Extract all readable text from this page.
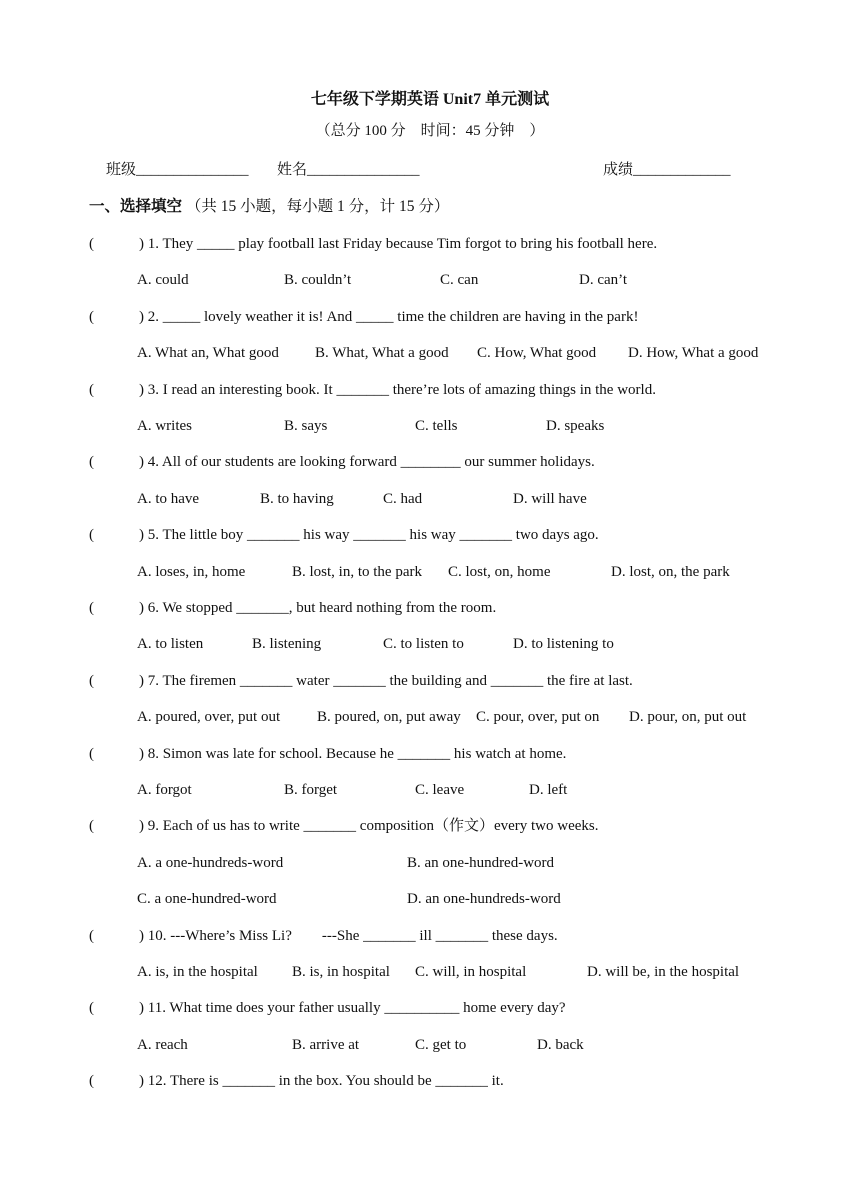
七年级下学期英语 Unit7 单元测试
（总分 100 分　时间：45 分钟　）
班级_______________ 姓名_______________	成绩_____________
一、选择填空 （共 15 小题，每小题 1 分，计 15 分）
(	) 1. They _____ play football last Friday because Tim forgot to bring his football here.
A. could	B. couldn’t	C. can	D. can’t
(	) 2. _____ lovely weather it is! And _____ time the children are having in the park!
A. What an, What good B. What, What a good C. How, What good D. How, What a good
(	) 3. I read an interesting book. It _______ there’re lots of amazing things in the world.
A. writes	B. says	C. tells	D. speaks
(	) 4. All of our students are looking forward ________ our summer holidays.
A. to have	B. to having	C. had	D. will have
(	) 5. The little boy _______ his way _______ his way _______ two days ago.
A. loses, in, home	B. lost, in, to the park C. lost, on, home	D. lost, on, the park
(	) 6. We stopped _______, but heard nothing from the room.
A. to listen	B. listening	C. to listen to	D. to listening to
(	) 7. The firemen _______ water _______ the building and _______ the fire at last.
A. poured, over, put out B. poured, on, put away C. pour, over, put on D. pour, on, put out
(	) 8. Simon was late for school. Because he _______ his watch at home.
A. forgot	B. forget	C. leave	D. left
(	) 9. Each of us has to write _______ composition（作文）every two weeks.
A. a one-hundreds-word	B. an one-hundred-word
C. a one-hundred-word	D. an one-hundreds-word
(	) 10. ---Where’s Miss Li?　　---She _______ ill _______ these days.
A. is, in the hospital B. is, in hospital C. will, in hospital	D. will be, in the hospital
(	) 11. What time does your father usually __________ home every day?
A. reach	B. arrive at	C. get to	D. back
(	) 12. There is _______ in the box. You should be _______ it.
